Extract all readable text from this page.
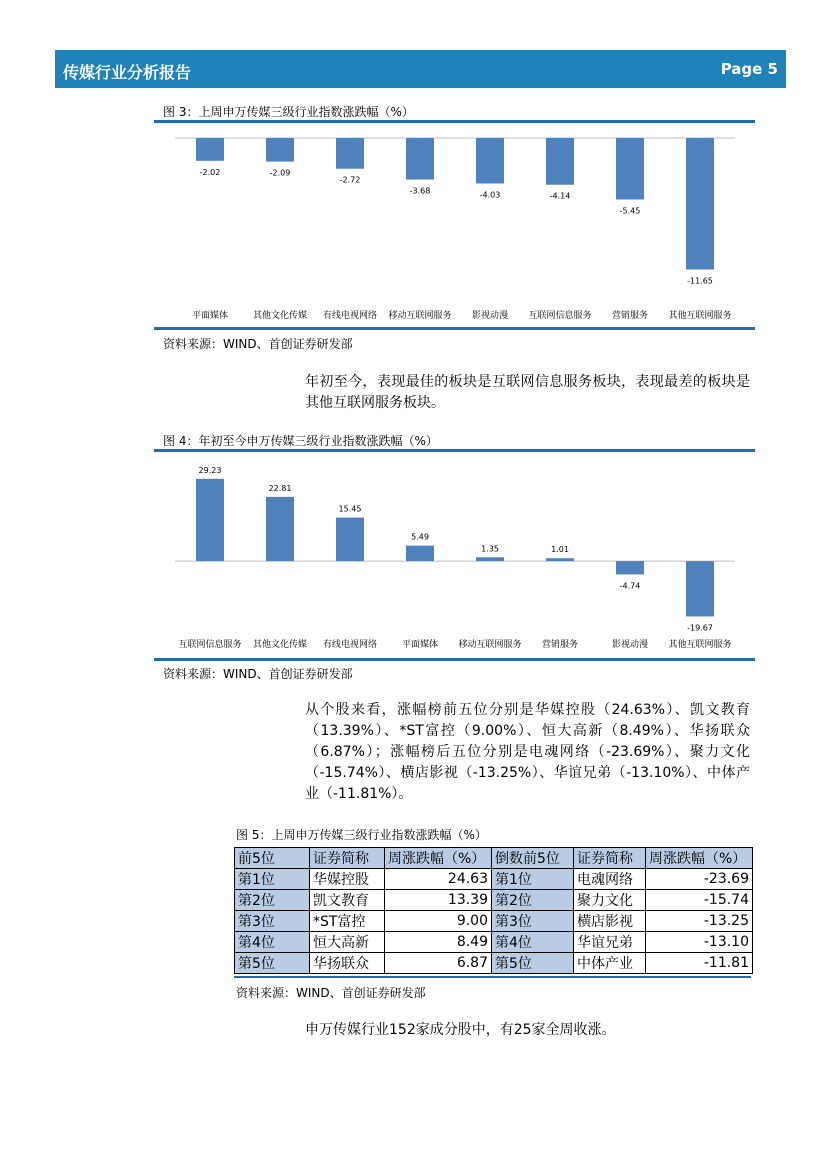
传媒行业分析报告	Page 5
图 3：上周申万传媒三级行业指数涨跌幅（%）
-2.02
平面媒体
-2.09
其他文化传媒
-2.72
有线电视网络
-3.68
移动互联网服务
-4.03
影视动漫
-4.14
互联网信息服务
-5.45
营销服务
-11.65
其他互联网服务
资料来源：WIND、首创证券研发部
年初至今，表现最佳的板块是互联网信息服务板块，表现最差的板块是其他互联网服务板块。
图 4：年初至今申万传媒三级行业指数涨跌幅（%）
29.23
互联网信息服务
22.81
其他文化传媒
15.45
有线电视网络
5.49
平面媒体
1.35
移动互联网服务
1.01
营销服务
-4.74
影视动漫
-19.67
其他互联网服务
资料来源：WIND、首创证券研发部
从个股来看，涨幅榜前五位分别是华媒控股（24.63%）、凯文教育（13.39%）、*ST富控（9.00%）、恒大高新（8.49%）、华扬联众（6.87%）；涨幅榜后五位分别是电魂网络（-23.69%）、聚力文化（-15.74%）、横店影视（-13.25%）、华谊兄弟（-13.10%）、中体产业（-11.81%）。
图 5：上周申万传媒三级行业指数涨跌幅（%）
前5位	证券简称	周涨跌幅（%）	倒数前5位	证券简称	周涨跌幅（%）
第1位	华媒控股	24.63	第1位	电魂网络	-23.69
第2位	凯文教育	13.39	第2位	聚力文化	-15.74
第3位	*ST富控	9.00	第3位	横店影视	-13.25
第4位	恒大高新	8.49	第4位	华谊兄弟	-13.10
第5位	华扬联众	6.87	第5位	中体产业	-11.81
资料来源：WIND、首创证券研发部
申万传媒行业152家成分股中，有25家全周收涨。
